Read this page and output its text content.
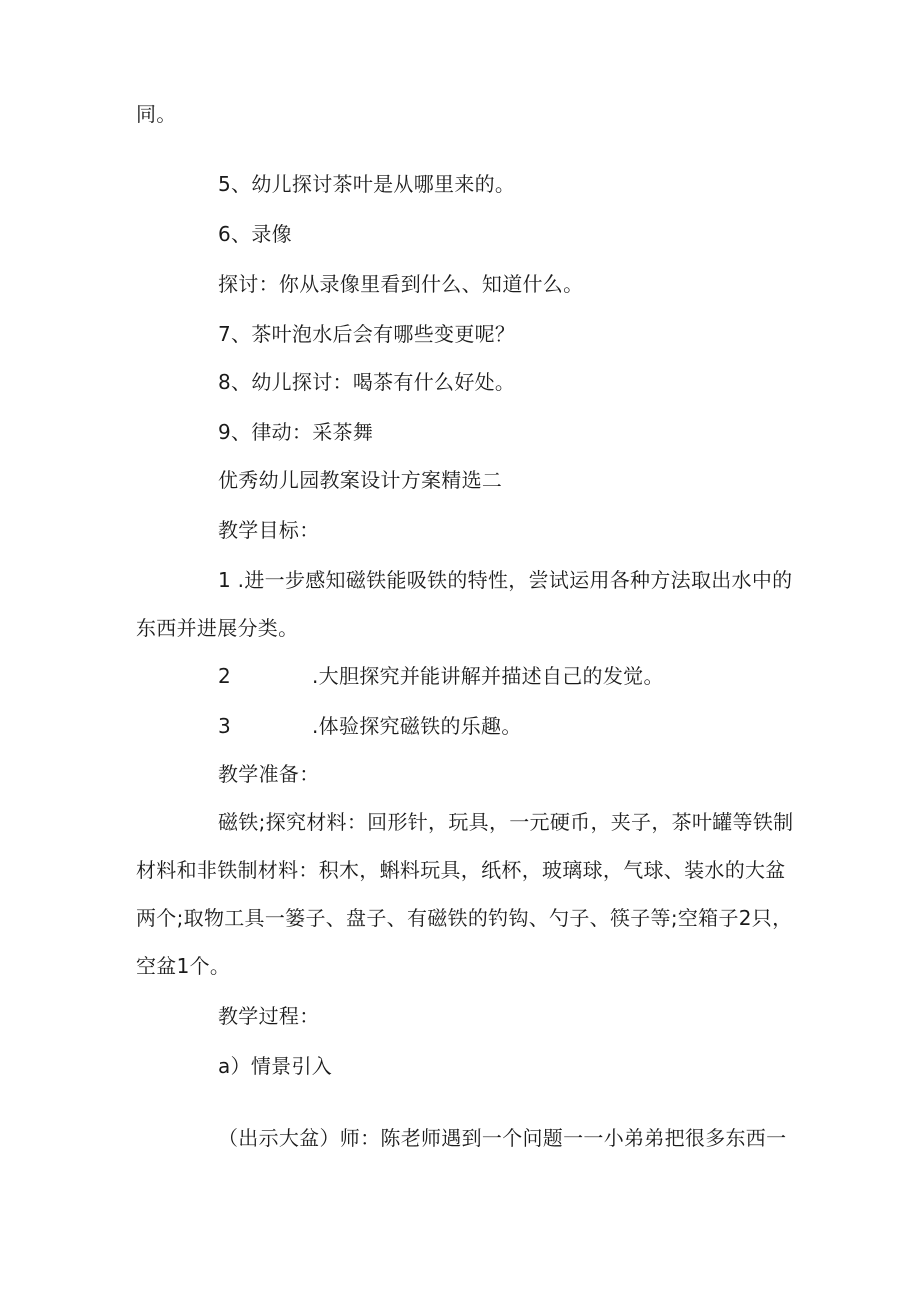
同。
5、幼儿探讨茶叶是从哪里来的。
6、录像
探讨：你从录像里看到什么、知道什么。
7、茶叶泡水后会有哪些变更呢？
8、幼儿探讨：喝茶有什么好处。
9、律动：采茶舞
优秀幼儿园教案设计方案精选二
教学目标：
1 .进一步感知磁铁能吸铁的特性，尝试运用各种方法取出水中的
东西并进展分类。
2	.大胆探究并能讲解并描述自己的发觉。
3	.体验探究磁铁的乐趣。
教学准备：
磁铁;探究材料：回形针，玩具，一元硬币，夹子，茶叶罐等铁制
材料和非铁制材料：积木，蝌料玩具，纸杯，玻璃球，气球、装水的大盆
两个;取物工具一篓子、盘子、有磁铁的钓钩、勺子、筷子等;空箱子2只，
空盆1个。
教学过程：
a）情景引入
（出示大盆）师：陈老师遇到一个问题一一小弟弟把很多东西一
